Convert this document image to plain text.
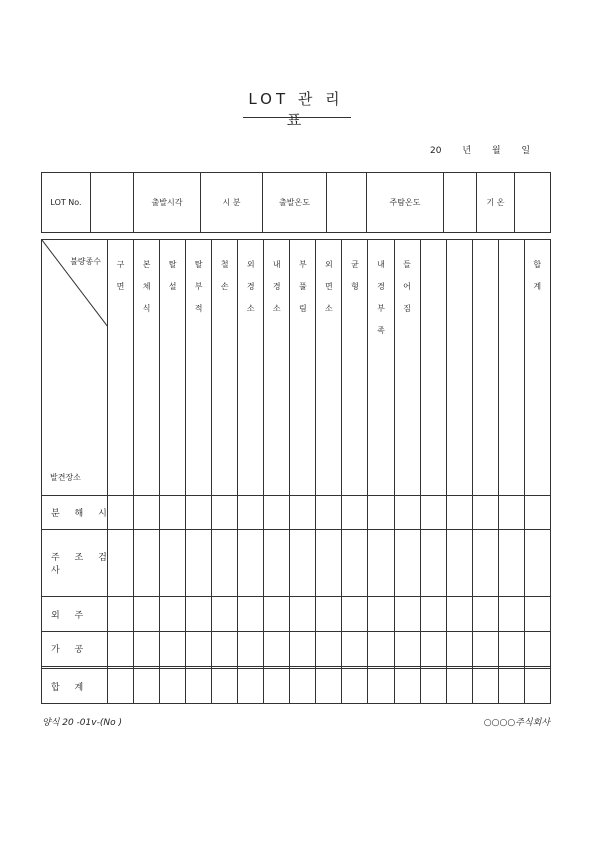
LOT 관 리 표
20 년 월 일
LOT No.		출발시각	시 분	출발온도		주탐온도		기 온	
불량종수
발견장소	구 면	본 체 식	탈 설	탈 부 적	철 손	외 경 소	내 경 소	부 풀 림	외 면 소	균 형	내 경 부 족	들 어 짐					합 계

분 해 시																	
주 조 검 사																	
외 주																	
가 공																	

합 계																	
양식 20 -01v-(No )	○○○○주식회사
